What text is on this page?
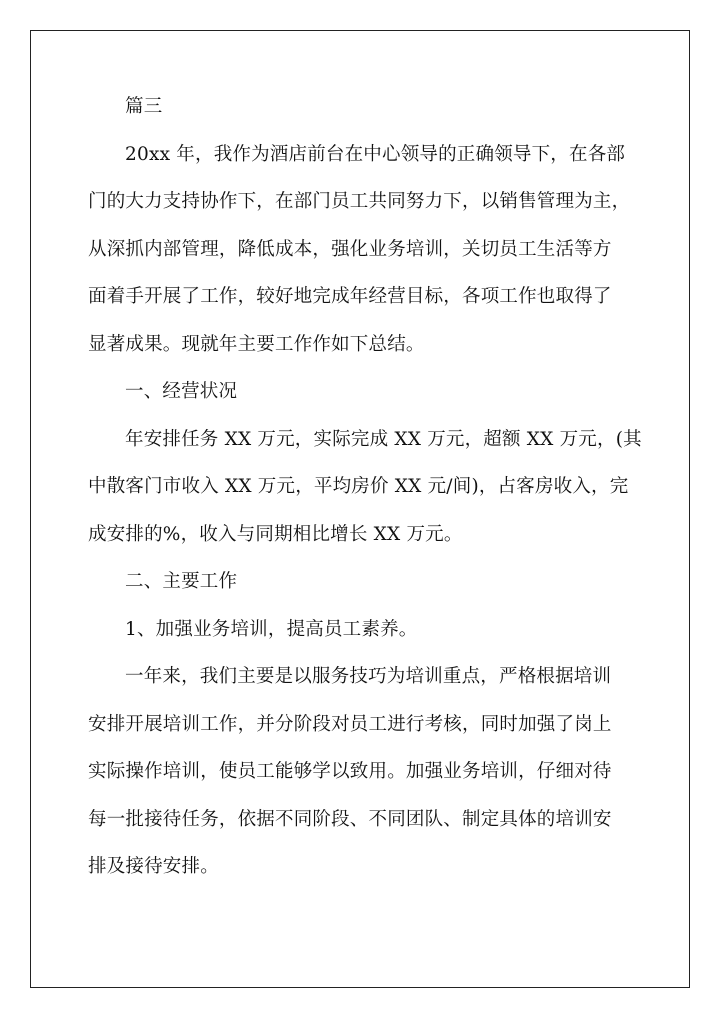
篇三
20xx 年，我作为酒店前台在中心领导的正确领导下，在各部
门的大力支持协作下，在部门员工共同努力下，以销售管理为主，
从深抓内部管理，降低成本，强化业务培训，关切员工生活等方
面着手开展了工作，较好地完成年经营目标，各项工作也取得了
显著成果。现就年主要工作作如下总结。
一、经营状况
年安排任务 XX 万元，实际完成 XX 万元，超额 XX 万元，(其
中散客门市收入 XX 万元，平均房价 XX 元/间)，占客房收入，完
成安排的%，收入与同期相比增长 XX 万元。
二、主要工作
1、加强业务培训，提高员工素养。
一年来，我们主要是以服务技巧为培训重点，严格根据培训
安排开展培训工作，并分阶段对员工进行考核，同时加强了岗上
实际操作培训，使员工能够学以致用。加强业务培训，仔细对待
每一批接待任务，依据不同阶段、不同团队、制定具体的培训安
排及接待安排。
